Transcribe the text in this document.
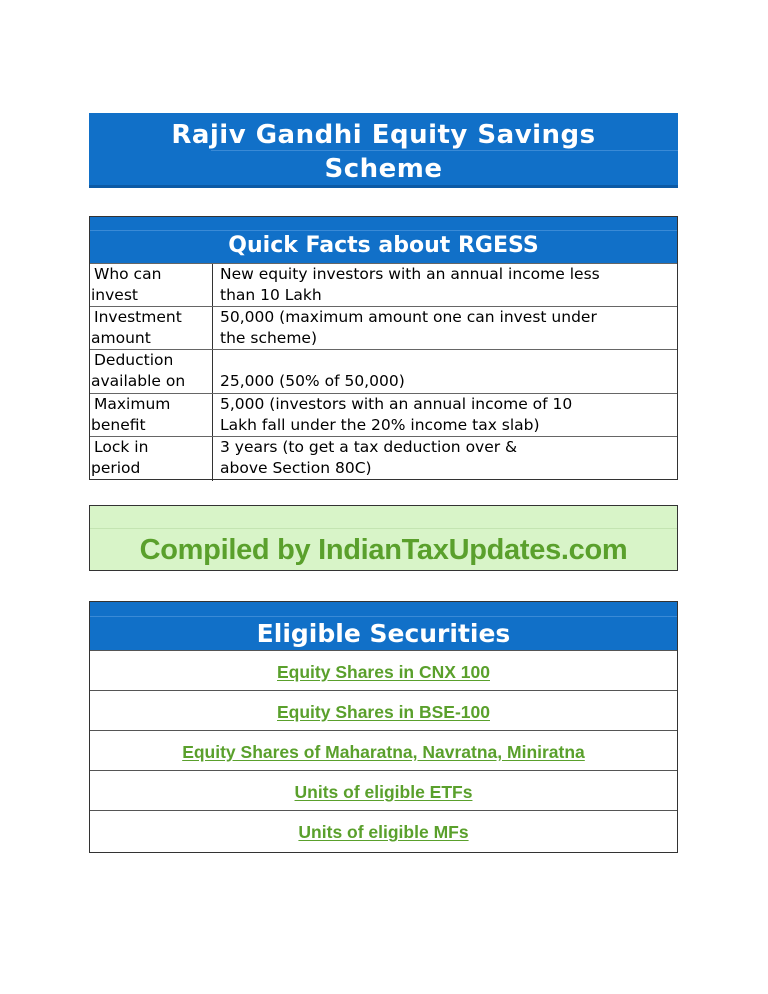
Rajiv Gandhi Equity Savings
Scheme
Quick Facts about RGESS
Who can
invest
New equity investors with an annual income less
than 10 Lakh
Investment
amount
50,000 (maximum amount one can invest under
the scheme)
Deduction
available on
	25,000 (50% of 50,000)
Maximum
benefit
5,000 (investors with an annual income of 10
Lakh fall under the 20% income tax slab)
Lock in
period
3 years (to get a tax deduction over &
above Section 80C)
Compiled by IndianTaxUpdates.com
Eligible Securities
Equity Shares in CNX 100
Equity Shares in BSE-100
Equity Shares of Maharatna, Navratna, Miniratna
Units of eligible ETFs
Units of eligible MFs
